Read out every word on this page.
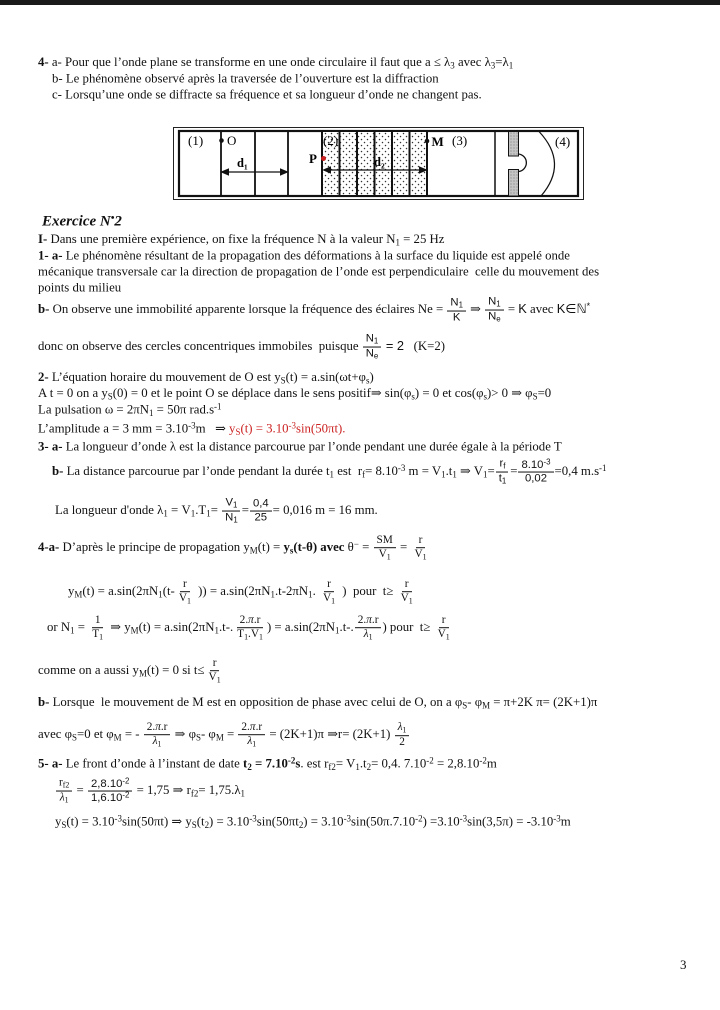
4- a- Pour que l’onde plane se transforme en une onde circulaire il faut que a ≤ λ3 avec λ3=λ1
b- Le phénomène observé après la traversée de l’ouverture est la diffraction
c- Lorsqu’une onde se diffracte sa fréquence et sa longueur d’onde ne changent pas.
Exercice N•2
I- Dans une première expérience, on fixe la fréquence N à la valeur N1 = 25 Hz
1- a- Le phénomène résultant de la propagation des déformations à la surface du liquide est appelé onde
mécanique transversale car la direction de propagation de l’onde est perpendiculaire  celle du mouvement des
points du milieu
b- On observe une immobilité apparente lorsque la fréquence des éclaires $Ne = \frac{N1}{K}$ ⇒ $\frac{N1}{Ne} = K$ avec K∈ℕ*
donc on observe des cercles concentriques immobiles  puisque $\frac{N1}{Ne} = 2$   (K=2)
2- L’équation horaire du mouvement de O est yS(t) = a.sin(ωt+φs)
A t = 0 on a yS(0) = 0 et le point O se déplace dans le sens positif⇒ sin(φs) = 0 et cos(φs)> 0 ⇒ φS=0
La pulsation ω = 2πN1 = 50π $rad.s^{-1}$
L’amplitude a = 3 mm = $3.10^{-3}m$   ⇒ $yS(t) = 3.10^{-3}\sin(50\pi t)$.
3- a- La longueur d’onde λ est la distance parcourue par l’onde pendant une durée égale à la période T
b- La distance parcourue par l’onde pendant la durée t1 est  $rf= 8.10^{-3}$ m = V1.t1 ⇒ $V1= \frac{rf}{t1} = \frac{8.10^{-3}}{0,02} =0,4$ $m.s^{-1}$
La longueur d'onde $\lambda 1 = V1.T1= \frac{V1}{N1} = \frac{0,4}{25} = 0,016$ m = 16 mm.
4-a- D’après le principe de propagation yM(t) = ys(t-θ) avec $\theta^- = \frac{SM}{V1} = \frac{r}{V1}$
$yM(t) = a.\sin(2\pi N1(t- \frac{r}{V1}$ )) = a.sin(2πN1.t-2πN1. $\frac{r}{V1}$ )  pour  $t\ge \frac{r}{V1}$
or $N1 = \frac{1}{T1}$ ⇒ yM(t) = a.sin(2πN1.t-. $\frac{2.\pi.r}{T1.V1}$ ) = a.sin(2πN1.t-. $\frac{2.\pi.r}{\lambda 1}$ ) pour  $t\ge \frac{r}{V1}$
comme on a aussi yM(t) = 0 si $t\le \frac{r}{V1}$
b- Lorsque  le mouvement de M est en opposition de phase avec celui de O, on a φS- φM = π+2K π= (2K+1)π
avec φS=0 et φM = - $\frac{2.\pi.r}{\lambda 1}$ ⇒ φS- $\varphi M = \frac{2.\pi.r}{\lambda 1} = (2K+1)\pi$ ⇒r= $(2K+1) \frac{\lambda 1}{2}$
5- a- Le front d’onde à l’instant de date $t2 = 7.10^{-2}s$. est rf2= V1.t2= 0,4. $7.10^{-2} = 2,8.10^{-2}m$
$\frac{rf2}{\lambda 1} = \frac{2,8.10^{-2}}{1,6.10^{-2}} = 1,75$ ⇒ rf2= 1,75.λ1
$yS(t) = 3.10^{-3}\sin(50\pi t)$ ⇒ $yS(t2) = 3.10^{-3}\sin(50\pi t2) = 3.10^{-3}\sin(50\pi.7.10^{-2}) =3.10^{-3}\sin(3,5\pi) = -3.10^{-3}m$
(1) O
d₁
(2)
P	d₂
M (3)	(4)
3
